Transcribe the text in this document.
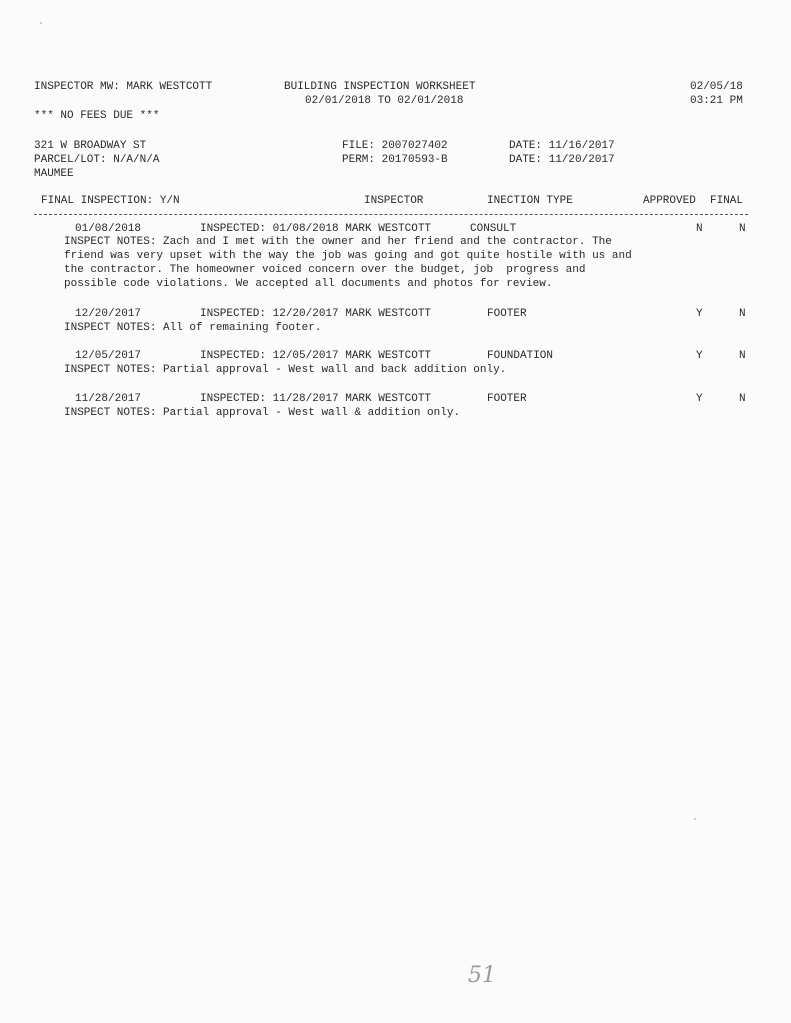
INSPECTOR MW: MARK WESTCOTT	BUILDING INSPECTION WORKSHEET
02/01/2018 TO 02/01/2018
02/05/18
03:21 PM
*** NO FEES DUE ***
321 W BROADWAY ST
PARCEL/LOT: N/A/N/A
MAUMEE
FILE: 2007027402
PERM: 20170593-B
DATE: 11/16/2017
DATE: 11/20/2017
FINAL INSPECTION: Y/N	INSPECTOR	INECTION TYPE	APPROVED FINAL
01/08/2018	INSPECTED: 01/08/2018 MARK WESTCOTT	CONSULT	N	N
INSPECT NOTES: Zach and I met with the owner and her friend and the contractor. The
friend was very upset with the way the job was going and got quite hostile with us and
the contractor. The homeowner voiced concern over the budget, job  progress and
possible code violations. We accepted all documents and photos for review.
12/20/2017	INSPECTED: 12/20/2017 MARK WESTCOTT	FOOTER	Y	N
INSPECT NOTES: All of remaining footer.
12/05/2017	INSPECTED: 12/05/2017 MARK WESTCOTT	FOUNDATION	Y	N
INSPECT NOTES: Partial approval - West wall and back addition only.
11/28/2017	INSPECTED: 11/28/2017 MARK WESTCOTT	FOOTER	Y	N
INSPECT NOTES: Partial approval - West wall & addition only.
51
